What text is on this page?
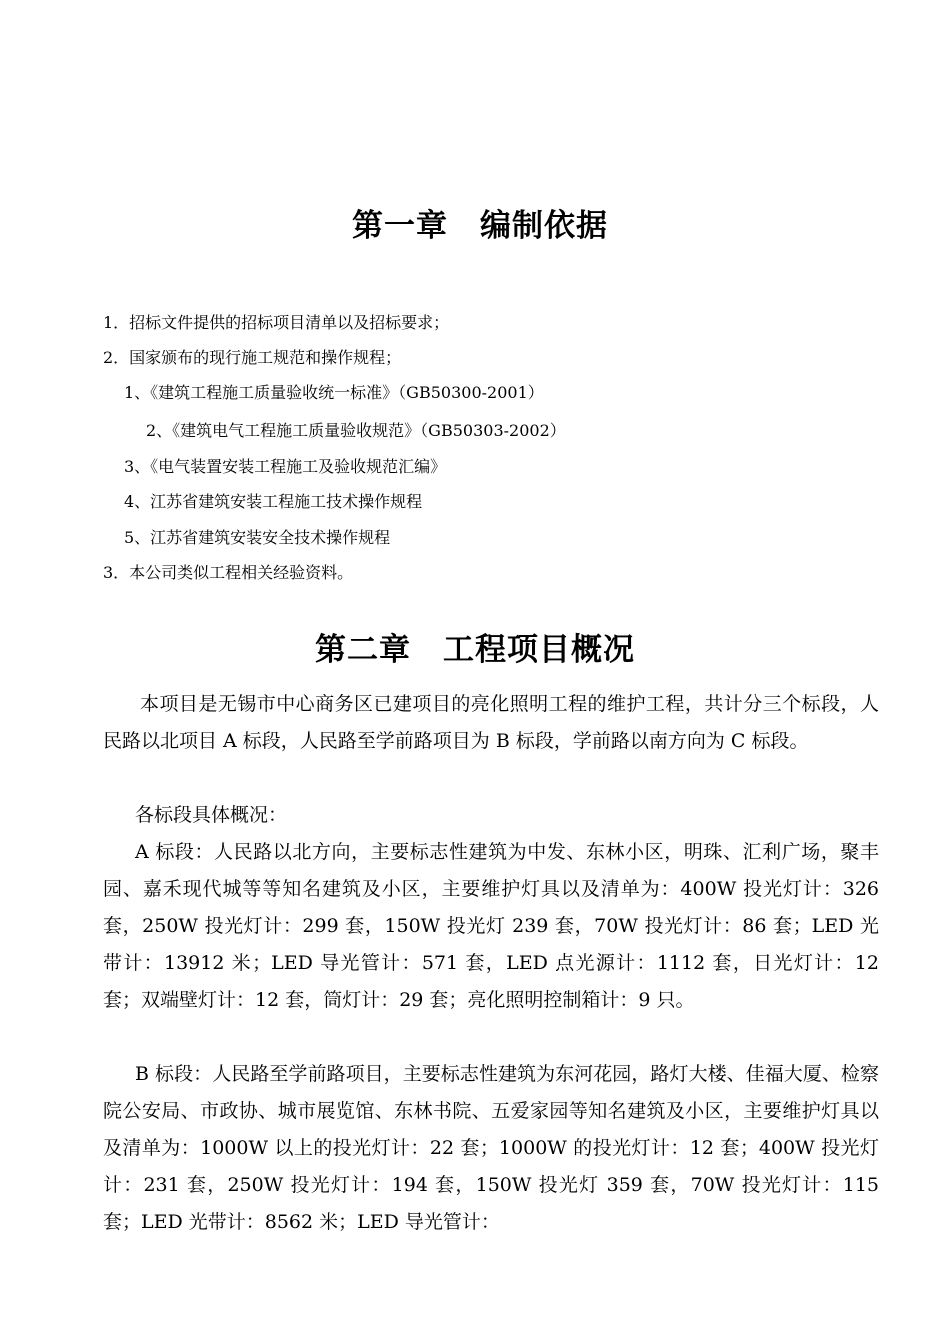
第一章　编制依据

1．招标文件提供的招标项目清单以及招标要求；

2．国家颁布的现行施工规范和操作规程；

1、《建筑工程施工质量验收统一标准》（GB50300-2001）

2、《建筑电气工程施工质量验收规范》（GB50303-2002）

3、《电气装置安装工程施工及验收规范汇编》

4、江苏省建筑安装工程施工技术操作规程

5、江苏省建筑安装安全技术操作规程

3．本公司类似工程相关经验资料。

第二章　工程项目概况

本项目是无锡市中心商务区已建项目的亮化照明工程的维护工程，共计分三个标段，人民路以北项目 A 标段，人民路至学前路项目为 B 标段，学前路以南方向为 C 标段。

各标段具体概况：

A 标段：人民路以北方向，主要标志性建筑为中发、东林小区，明珠、汇利广场，聚丰园、嘉禾现代城等等知名建筑及小区，主要维护灯具以及清单为：400W 投光灯计：326 套，250W 投光灯计：299 套，150W 投光灯 239 套，70W 投光灯计：86 套；LED 光带计：13912 米；LED 导光管计：571 套，LED 点光源计：1112 套，日光灯计：12 套；双端壁灯计：12 套，筒灯计：29 套；亮化照明控制箱计：9 只。

B 标段：人民路至学前路项目，主要标志性建筑为东河花园，路灯大楼、佳福大厦、检察院公安局、市政协、城市展览馆、东林书院、五爱家园等知名建筑及小区，主要维护灯具以及清单为：1000W 以上的投光灯计：22 套；1000W 的投光灯计：12 套；400W 投光灯计：231 套，250W 投光灯计：194 套，150W 投光灯 359 套，70W 投光灯计：115 套；LED 光带计：8562 米；LED 导光管计：
